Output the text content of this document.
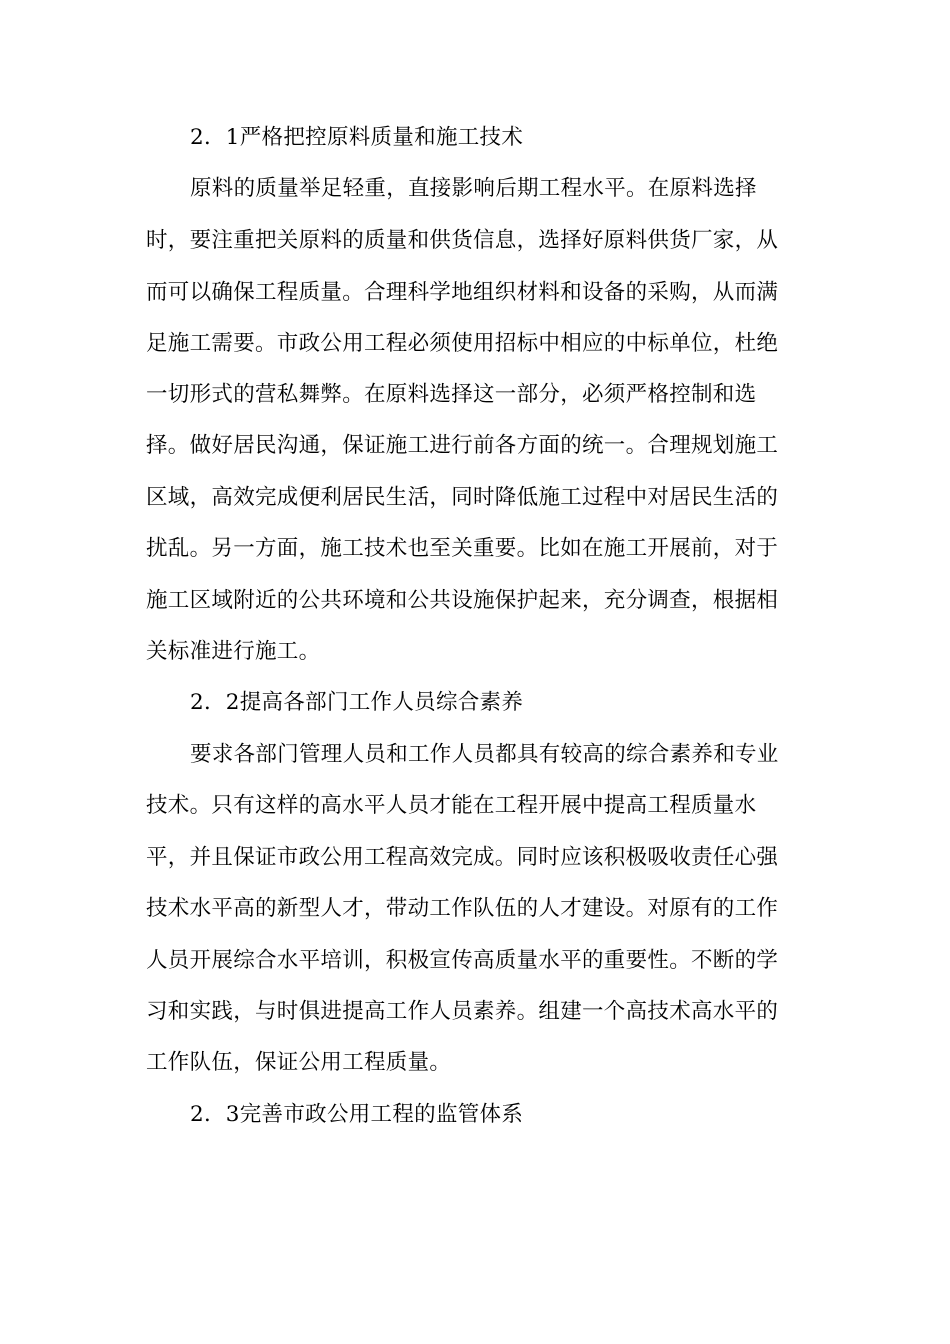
2．1严格把控原料质量和施工技术
原料的质量举足轻重，直接影响后期工程水平。在原料选择
时，要注重把关原料的质量和供货信息，选择好原料供货厂家，从
而可以确保工程质量。合理科学地组织材料和设备的采购，从而满
足施工需要。市政公用工程必须使用招标中相应的中标单位，杜绝
一切形式的营私舞弊。在原料选择这一部分，必须严格控制和选
择。做好居民沟通，保证施工进行前各方面的统一。合理规划施工
区域，高效完成便利居民生活，同时降低施工过程中对居民生活的
扰乱。另一方面，施工技术也至关重要。比如在施工开展前，对于
施工区域附近的公共环境和公共设施保护起来，充分调查，根据相
关标准进行施工。
2．2提高各部门工作人员综合素养
要求各部门管理人员和工作人员都具有较高的综合素养和专业
技术。只有这样的高水平人员才能在工程开展中提高工程质量水
平，并且保证市政公用工程高效完成。同时应该积极吸收责任心强
技术水平高的新型人才，带动工作队伍的人才建设。对原有的工作
人员开展综合水平培训，积极宣传高质量水平的重要性。不断的学
习和实践，与时俱进提高工作人员素养。组建一个高技术高水平的
工作队伍，保证公用工程质量。
2．3完善市政公用工程的监管体系
